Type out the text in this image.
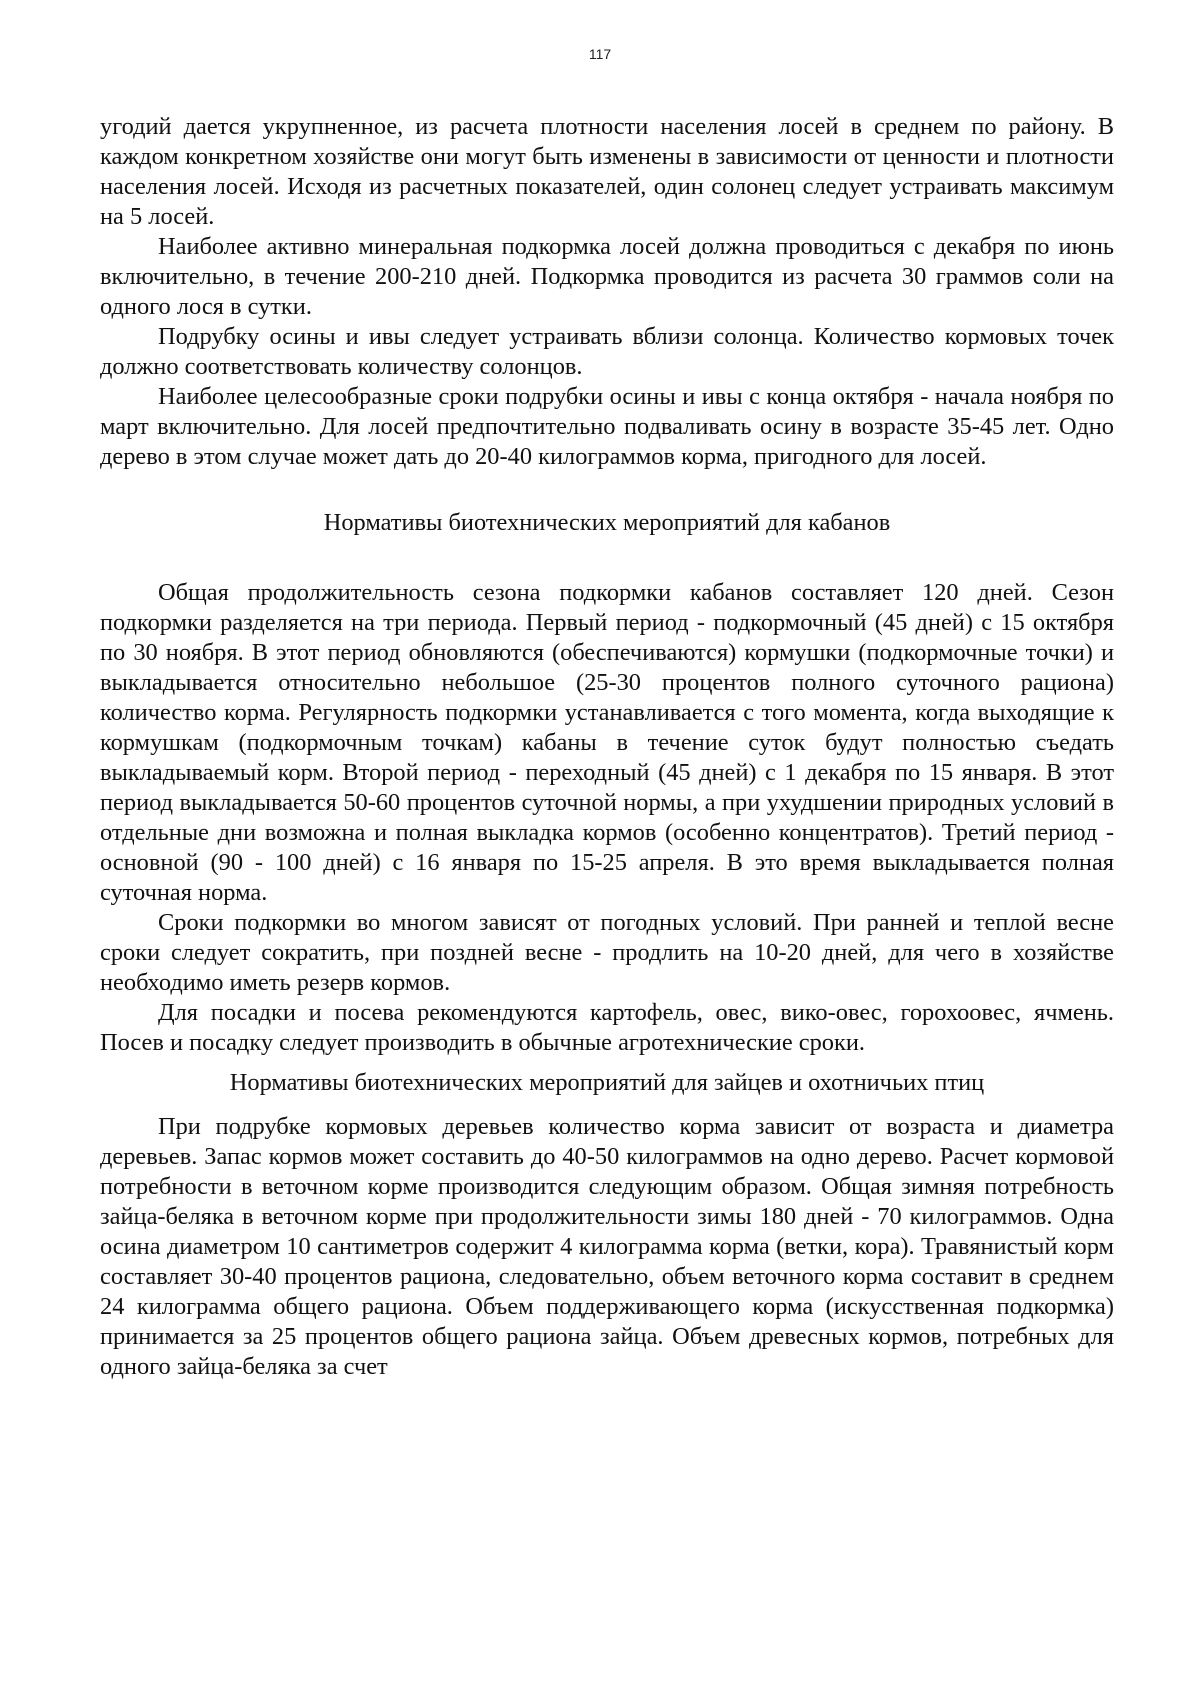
117

угодий дается укрупненное, из расчета плотности населения лосей в среднем по району. В каждом конкретном хозяйстве они могут быть изменены в зависимости от ценности и плотности населения лосей. Исходя из расчетных показателей, один солонец следует устраивать максимум на 5 лосей.

Наиболее активно минеральная подкормка лосей должна проводиться с декабря по июнь включительно, в течение 200-210 дней. Подкормка проводится из расчета 30 граммов соли на одного лося в сутки.

Подрубку осины и ивы следует устраивать вблизи солонца. Количество кормовых точек должно соответствовать количеству солонцов.

Наиболее целесообразные сроки подрубки осины и ивы с конца октября - начала ноября по март включительно. Для лосей предпочтительно подваливать осину в возрасте 35-45 лет. Одно дерево в этом случае может дать до 20-40 килограммов корма, пригодного для лосей.

Нормативы биотехнических мероприятий для кабанов

Общая продолжительность сезона подкормки кабанов составляет 120 дней. Сезон подкормки разделяется на три периода. Первый период - подкормочный (45 дней) с 15 октября по 30 ноября. В этот период обновляются (обеспечиваются) кормушки (подкормочные точки) и выкладывается относительно небольшое (25-30 процентов полного суточного рациона) количество корма. Регулярность подкормки устанавливается с того момента, когда выходящие к кормушкам (подкормочным точкам) кабаны в течение суток будут полностью съедать выкладываемый корм. Второй период - переходный (45 дней) с 1 декабря по 15 января. В этот период выкладывается 50-60 процентов суточной нормы, а при ухудшении природных условий в отдельные дни возможна и полная выкладка кормов (особенно концентратов). Третий период - основной (90 - 100 дней) с 16 января по 15-25 апреля. В это время выкладывается полная суточная норма.

Сроки подкормки во многом зависят от погодных условий. При ранней и теплой весне сроки следует сократить, при поздней весне - продлить на 10-20 дней, для чего в хозяйстве необходимо иметь резерв кормов.

Для посадки и посева рекомендуются картофель, овес, вико-овес, горохоовес, ячмень. Посев и посадку следует производить в обычные агротехнические сроки.

Нормативы биотехнических мероприятий для зайцев и охотничьих птиц

При подрубке кормовых деревьев количество корма зависит от возраста и диаметра деревьев. Запас кормов может составить до 40-50 килограммов на одно дерево. Расчет кормовой потребности в веточном корме производится следующим образом. Общая зимняя потребность зайца-беляка в веточном корме при продолжительности зимы 180 дней - 70 килограммов. Одна осина диаметром 10 сантиметров содержит 4 килограмма корма (ветки, кора). Травянистый корм составляет 30-40 процентов рациона, следовательно, объем веточного корма составит в среднем 24 килограмма общего рациона. Объем поддерживающего корма (искусственная подкормка) принимается за 25 процентов общего рациона зайца. Объем древесных кормов, потребных для одного зайца-беляка за счет
